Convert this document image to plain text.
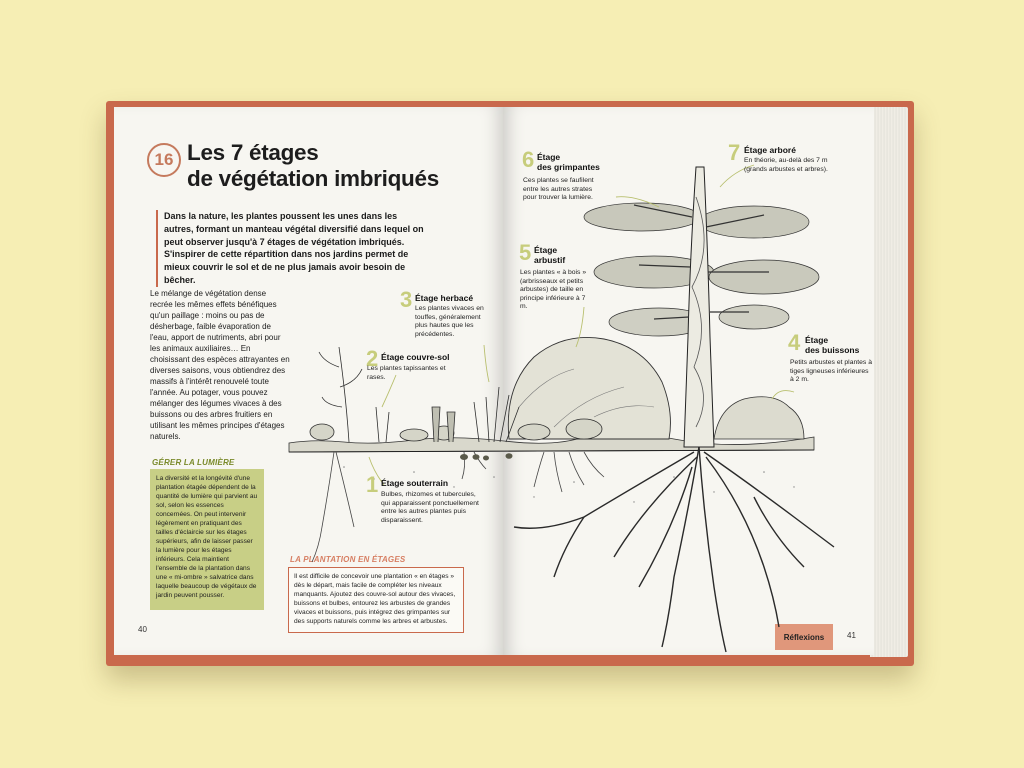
16 Les 7 étages
de végétation imbriqués
Dans la nature, les plantes poussent les unes dans les autres, formant un manteau végétal diversifié dans lequel on peut observer jusqu'à 7 étages de végétation imbriqués. S'inspirer de cette répartition dans nos jardins permet de mieux couvrir le sol et de ne plus jamais avoir besoin de bêcher.
Le mélange de végétation dense recrée les mêmes effets bénéfiques qu'un paillage : moins ou pas de désherbage, faible évaporation de l'eau, apport de nutriments, abri pour les animaux auxiliaires… En choisissant des espèces attrayantes en diverses saisons, vous obtiendrez des massifs à l'intérêt renouvelé toute l'année. Au potager, vous pouvez mélanger des légumes vivaces à des buissons ou des arbres fruitiers en utilisant les mêmes principes d'étages naturels.
GÉRER LA LUMIÈRE
La diversité et la longévité d'une plantation étagée dépendent de la quantité de lumière qui parvient au sol, selon les essences concernées. On peut intervenir légèrement en pratiquant des tailles d'éclaircie sur les étages supérieurs, afin de laisser passer la lumière pour les étages inférieurs. Cela maintient l'ensemble de la plantation dans une « mi-ombre » salvatrice dans laquelle beaucoup de végétaux de jardin peuvent pousser.
LA PLANTATION EN ÉTAGES
Il est difficile de concevoir une plantation « en étages » dès le départ, mais facile de compléter les niveaux manquants. Ajoutez des couvre-sol autour des vivaces, buissons et bulbes, entourez les arbustes de grandes vivaces et buissons, puis intégrez des grimpantes sur des supports naturels comme les arbres et arbustes.
40
Réflexions	41
3 Étage herbacé
Les plantes vivaces en touffes, généralement plus hautes que les précédentes.
2 Étage couvre-sol
Les plantes tapissantes et rases.
1 Étage souterrain
Bulbes, rhizomes et tubercules, qui apparaissent ponctuellement entre les autres plantes puis disparaissent.
6 Étage
des grimpantes
Ces plantes se faufilent entre les autres strates pour trouver la lumière.
7 Étage arboré
En théorie, au-delà des 7 m (grands arbustes et arbres).
5 Étage
arbustif
Les plantes « à bois » (arbrisseaux et petits arbustes) de taille en principe inférieure à 7 m.
4 Étage
des buissons
Petits arbustes et plantes à tiges ligneuses inférieures à 2 m.
